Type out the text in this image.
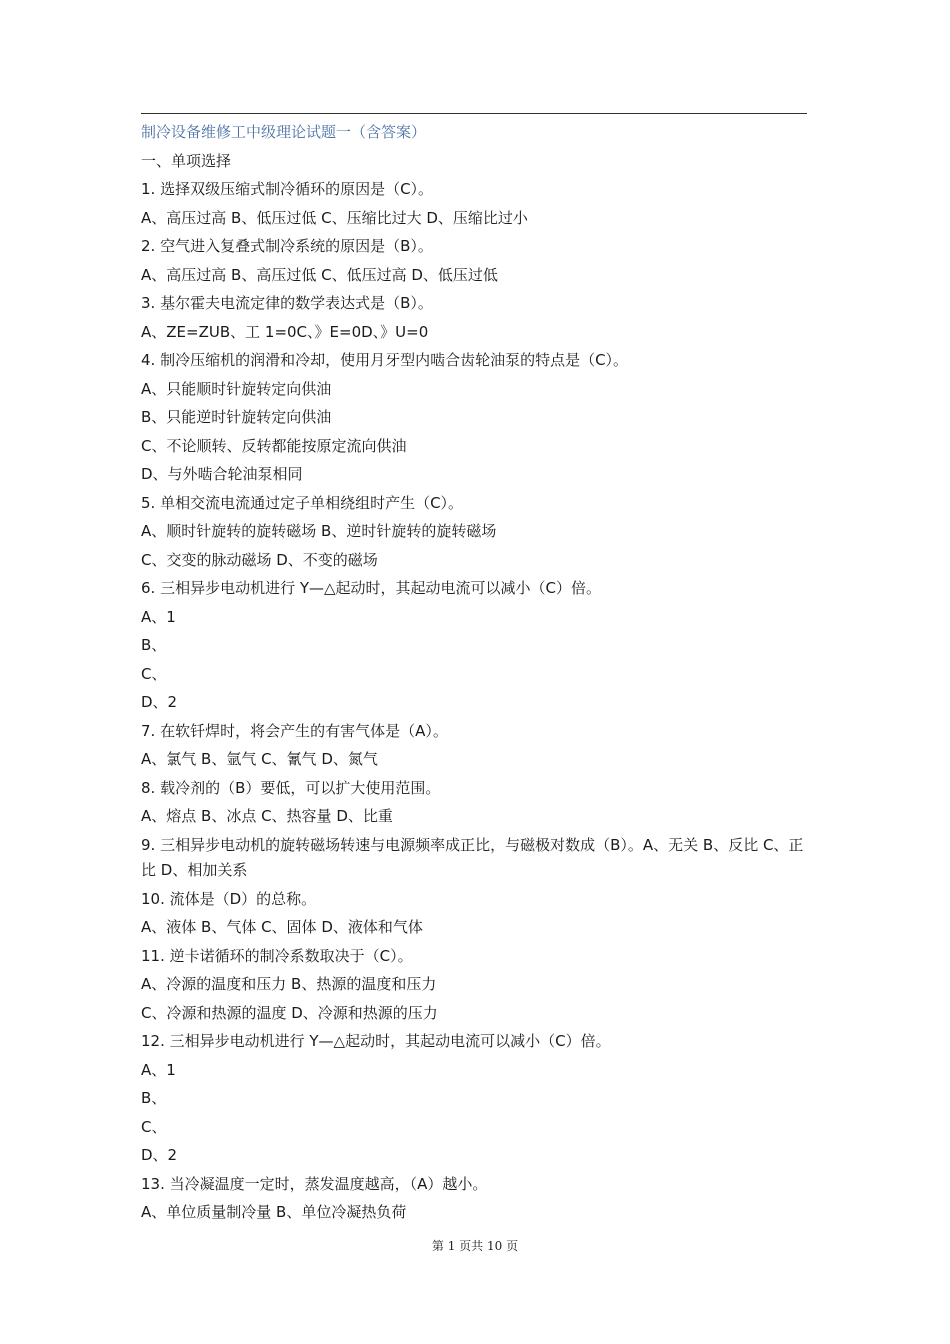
制冷设备维修工中级理论试题一（含答案）
一、单项选择
1. 选择双级压缩式制冷循环的原因是（C）。
A、高压过高 B、低压过低 C、压缩比过大 D、压缩比过小
2. 空气进入复叠式制冷系统的原因是（B）。
A、高压过高 B、高压过低 C、低压过高 D、低压过低
3. 基尔霍夫电流定律的数学表达式是（B）。
A、ZE=ZUB、工 1=0C、》E=0D、》U=0
4. 制冷压缩机的润滑和冷却，使用月牙型内啮合齿轮油泵的特点是（C）。
A、只能顺时针旋转定向供油
B、只能逆时针旋转定向供油
C、不论顺转、反转都能按原定流向供油
D、与外啮合轮油泵相同
5. 单相交流电流通过定子单相绕组时产生（C）。
A、顺时针旋转的旋转磁场 B、逆时针旋转的旋转磁场
C、交变的脉动磁场 D、不变的磁场
6. 三相异步电动机进行 Y—△起动时，其起动电流可以减小（C）倍。
A、1
B、
C、
D、2
7. 在软钎焊时，将会产生的有害气体是（A）。
A、氯气 B、氩气 C、氰气 D、氮气
8. 载冷剂的（B）要低，可以扩大使用范围。
A、熔点 B、冰点 C、热容量 D、比重
9. 三相异步电动机的旋转磁场转速与电源频率成正比，与磁极对数成（B）。A、无关 B、反比 C、正比 D、相加关系
10. 流体是（D）的总称。
A、液体 B、气体 C、固体 D、液体和气体
11. 逆卡诺循环的制冷系数取决于（C）。
A、冷源的温度和压力 B、热源的温度和压力
C、冷源和热源的温度 D、冷源和热源的压力
12. 三相异步电动机进行 Y—△起动时，其起动电流可以减小（C）倍。
A、1
B、
C、
D、2
13. 当冷凝温度一定时，蒸发温度越高，（A）越小。
A、单位质量制冷量 B、单位冷凝热负荷
第 1 页共 10 页
